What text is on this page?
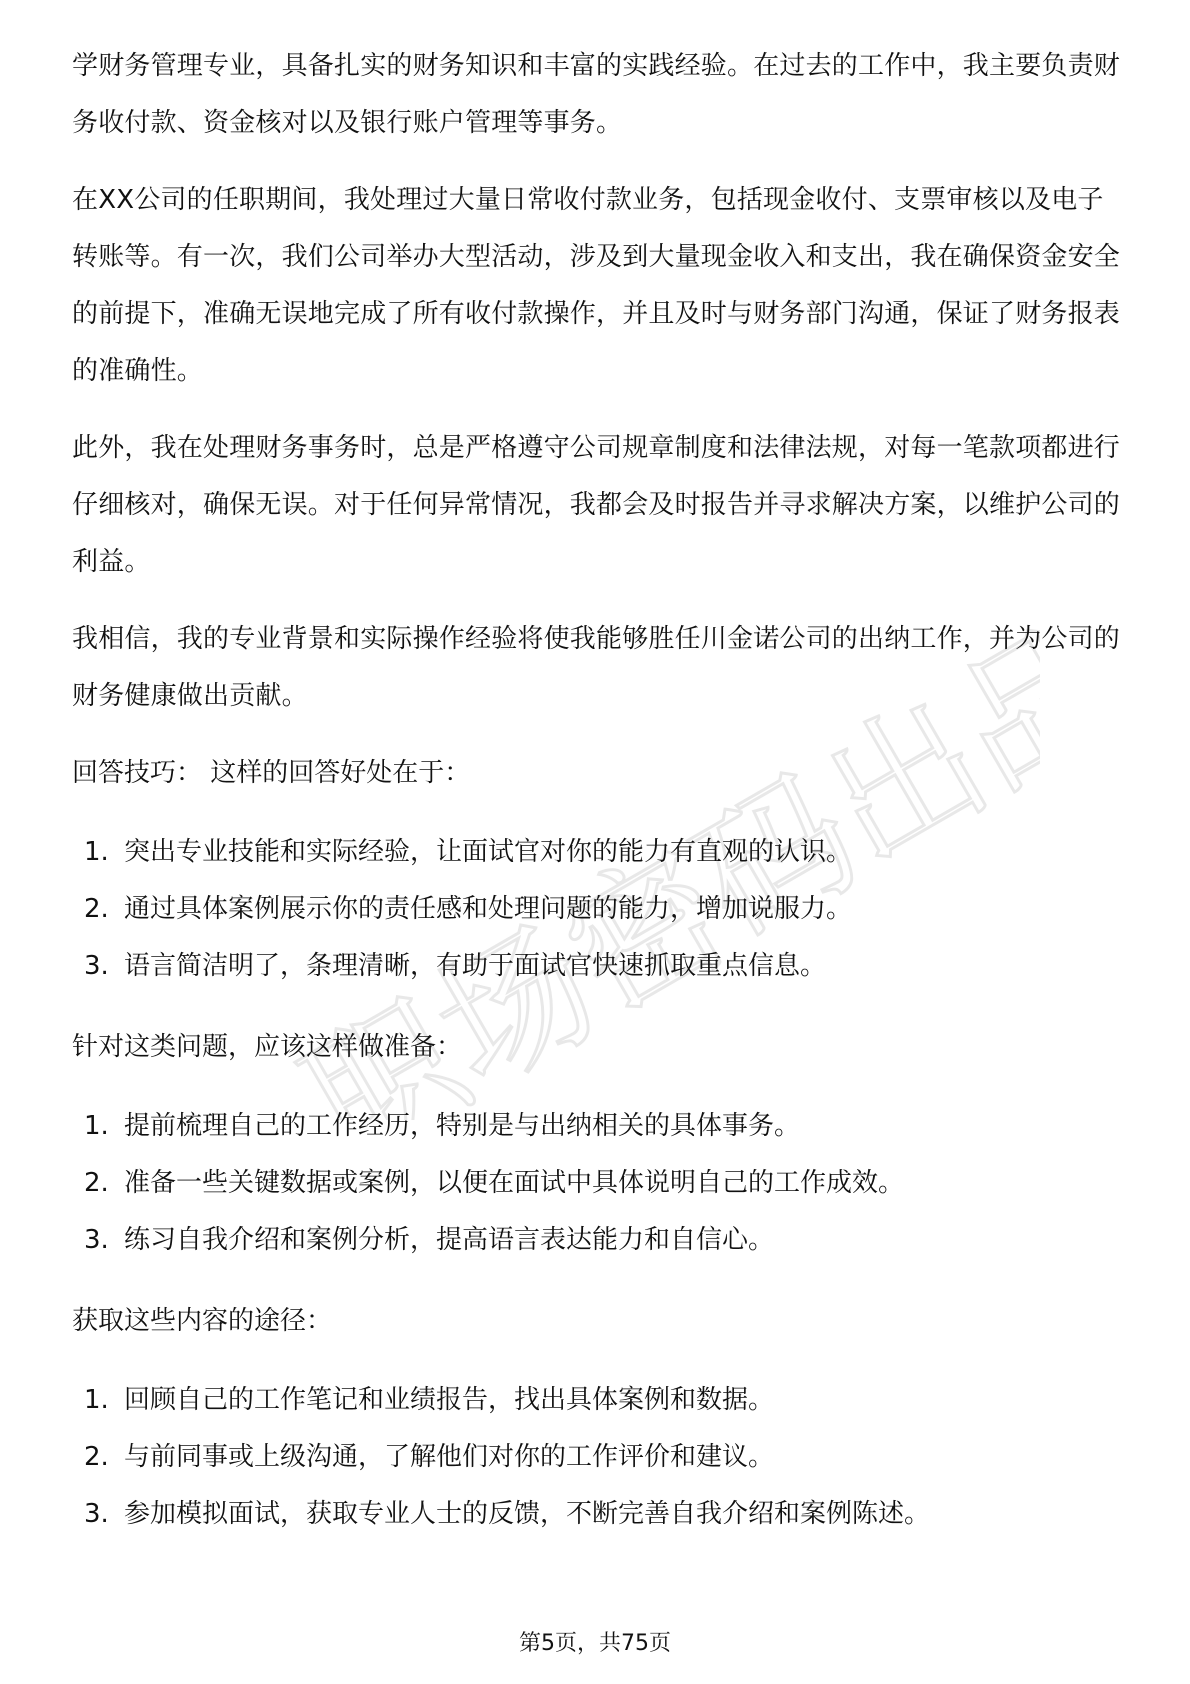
职场密码出品

学财务管理专业，具备扎实的财务知识和丰富的实践经验。在过去的工作中，我主要负责财务收付款、资金核对以及银行账户管理等事务。

在XX公司的任职期间，我处理过大量日常收付款业务，包括现金收付、支票审核以及电子转账等。有一次，我们公司举办大型活动，涉及到大量现金收入和支出，我在确保资金安全的前提下，准确无误地完成了所有收付款操作，并且及时与财务部门沟通，保证了财务报表的准确性。

此外，我在处理财务事务时，总是严格遵守公司规章制度和法律法规，对每一笔款项都进行仔细核对，确保无误。对于任何异常情况，我都会及时报告并寻求解决方案，以维护公司的利益。

我相信，我的专业背景和实际操作经验将使我能够胜任川金诺公司的出纳工作，并为公司的财务健康做出贡献。

回答技巧： 这样的回答好处在于：
1. 突出专业技能和实际经验，让面试官对你的能力有直观的认识。
2. 通过具体案例展示你的责任感和处理问题的能力，增加说服力。
3. 语言简洁明了，条理清晰，有助于面试官快速抓取重点信息。
针对这类问题，应该这样做准备：
1. 提前梳理自己的工作经历，特别是与出纳相关的具体事务。
2. 准备一些关键数据或案例，以便在面试中具体说明自己的工作成效。
3. 练习自我介绍和案例分析，提高语言表达能力和自信心。
获取这些内容的途径：
1. 回顾自己的工作笔记和业绩报告，找出具体案例和数据。
2. 与前同事或上级沟通，了解他们对你的工作评价和建议。
3. 参加模拟面试，获取专业人士的反馈，不断完善自我介绍和案例陈述。
第5页，共75页
